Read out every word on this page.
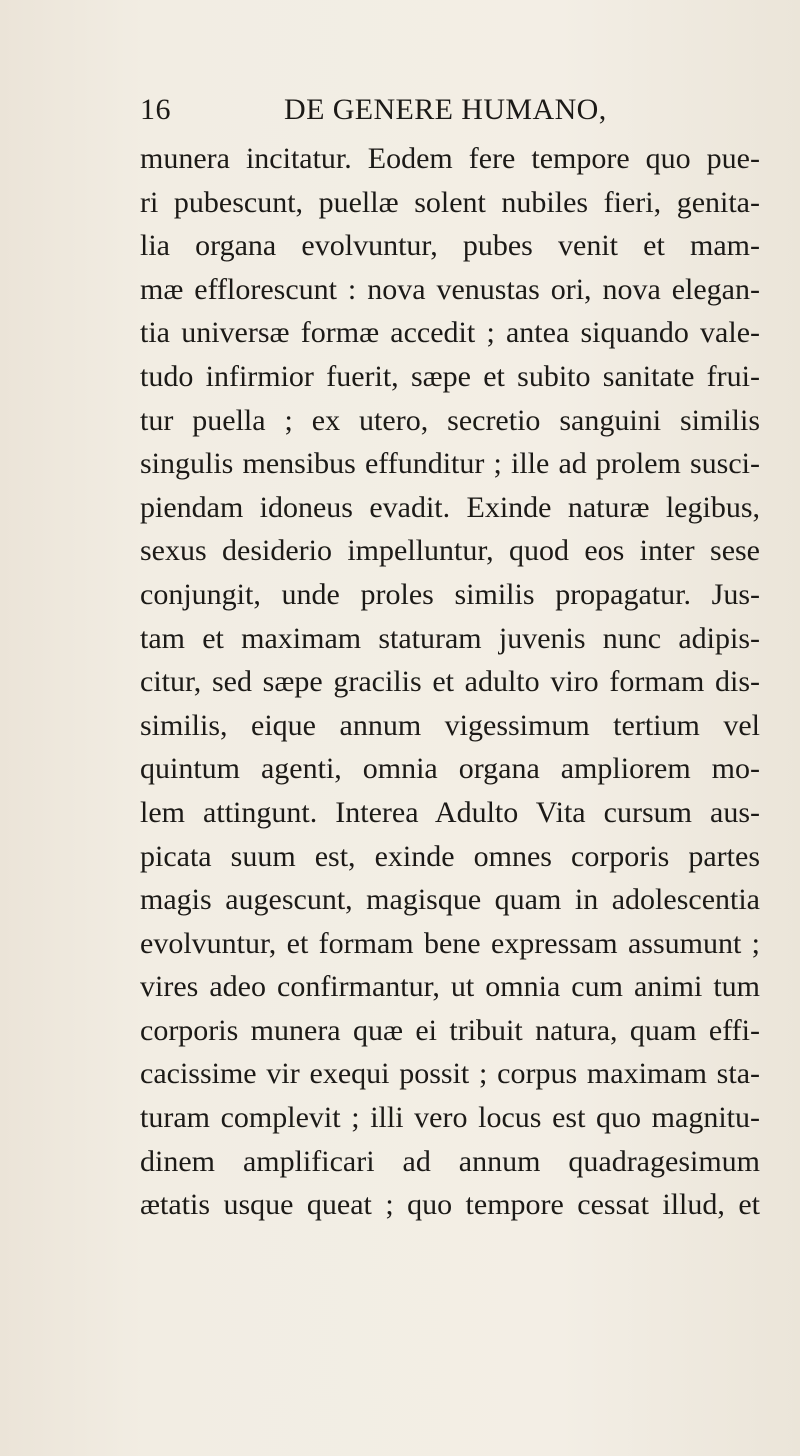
16	DE GENERE HUMANO,
munera incitatur. Eodem fere tempore quo pue-
ri pubescunt, puellæ solent nubiles fieri, genita-
lia organa evolvuntur, pubes venit et mam-
mæ efflorescunt : nova venustas ori, nova elegan-
tia universæ formæ accedit ; antea siquando vale-
tudo infirmior fuerit, sæpe et subito sanitate frui-
tur puella ; ex utero, secretio sanguini similis
singulis mensibus effunditur ; ille ad prolem susci-
piendam idoneus evadit. Exinde naturæ legibus,
sexus desiderio impelluntur, quod eos inter sese
conjungit, unde proles similis propagatur. Jus-
tam et maximam staturam juvenis nunc adipis-
citur, sed sæpe gracilis et adulto viro formam dis-
similis, eique annum vigessimum tertium vel
quintum agenti, omnia organa ampliorem mo-
lem attingunt. Interea Adulto Vita cursum aus-
picata suum est, exinde omnes corporis partes
magis augescunt, magisque quam in adolescentia
evolvuntur, et formam bene expressam assumunt ;
vires adeo confirmantur, ut omnia cum animi tum
corporis munera quæ ei tribuit natura, quam effi-
cacissime vir exequi possit ; corpus maximam sta-
turam complevit ; illi vero locus est quo magnitu-
dinem amplificari ad annum quadragesimum
ætatis usque queat ; quo tempore cessat illud, et
